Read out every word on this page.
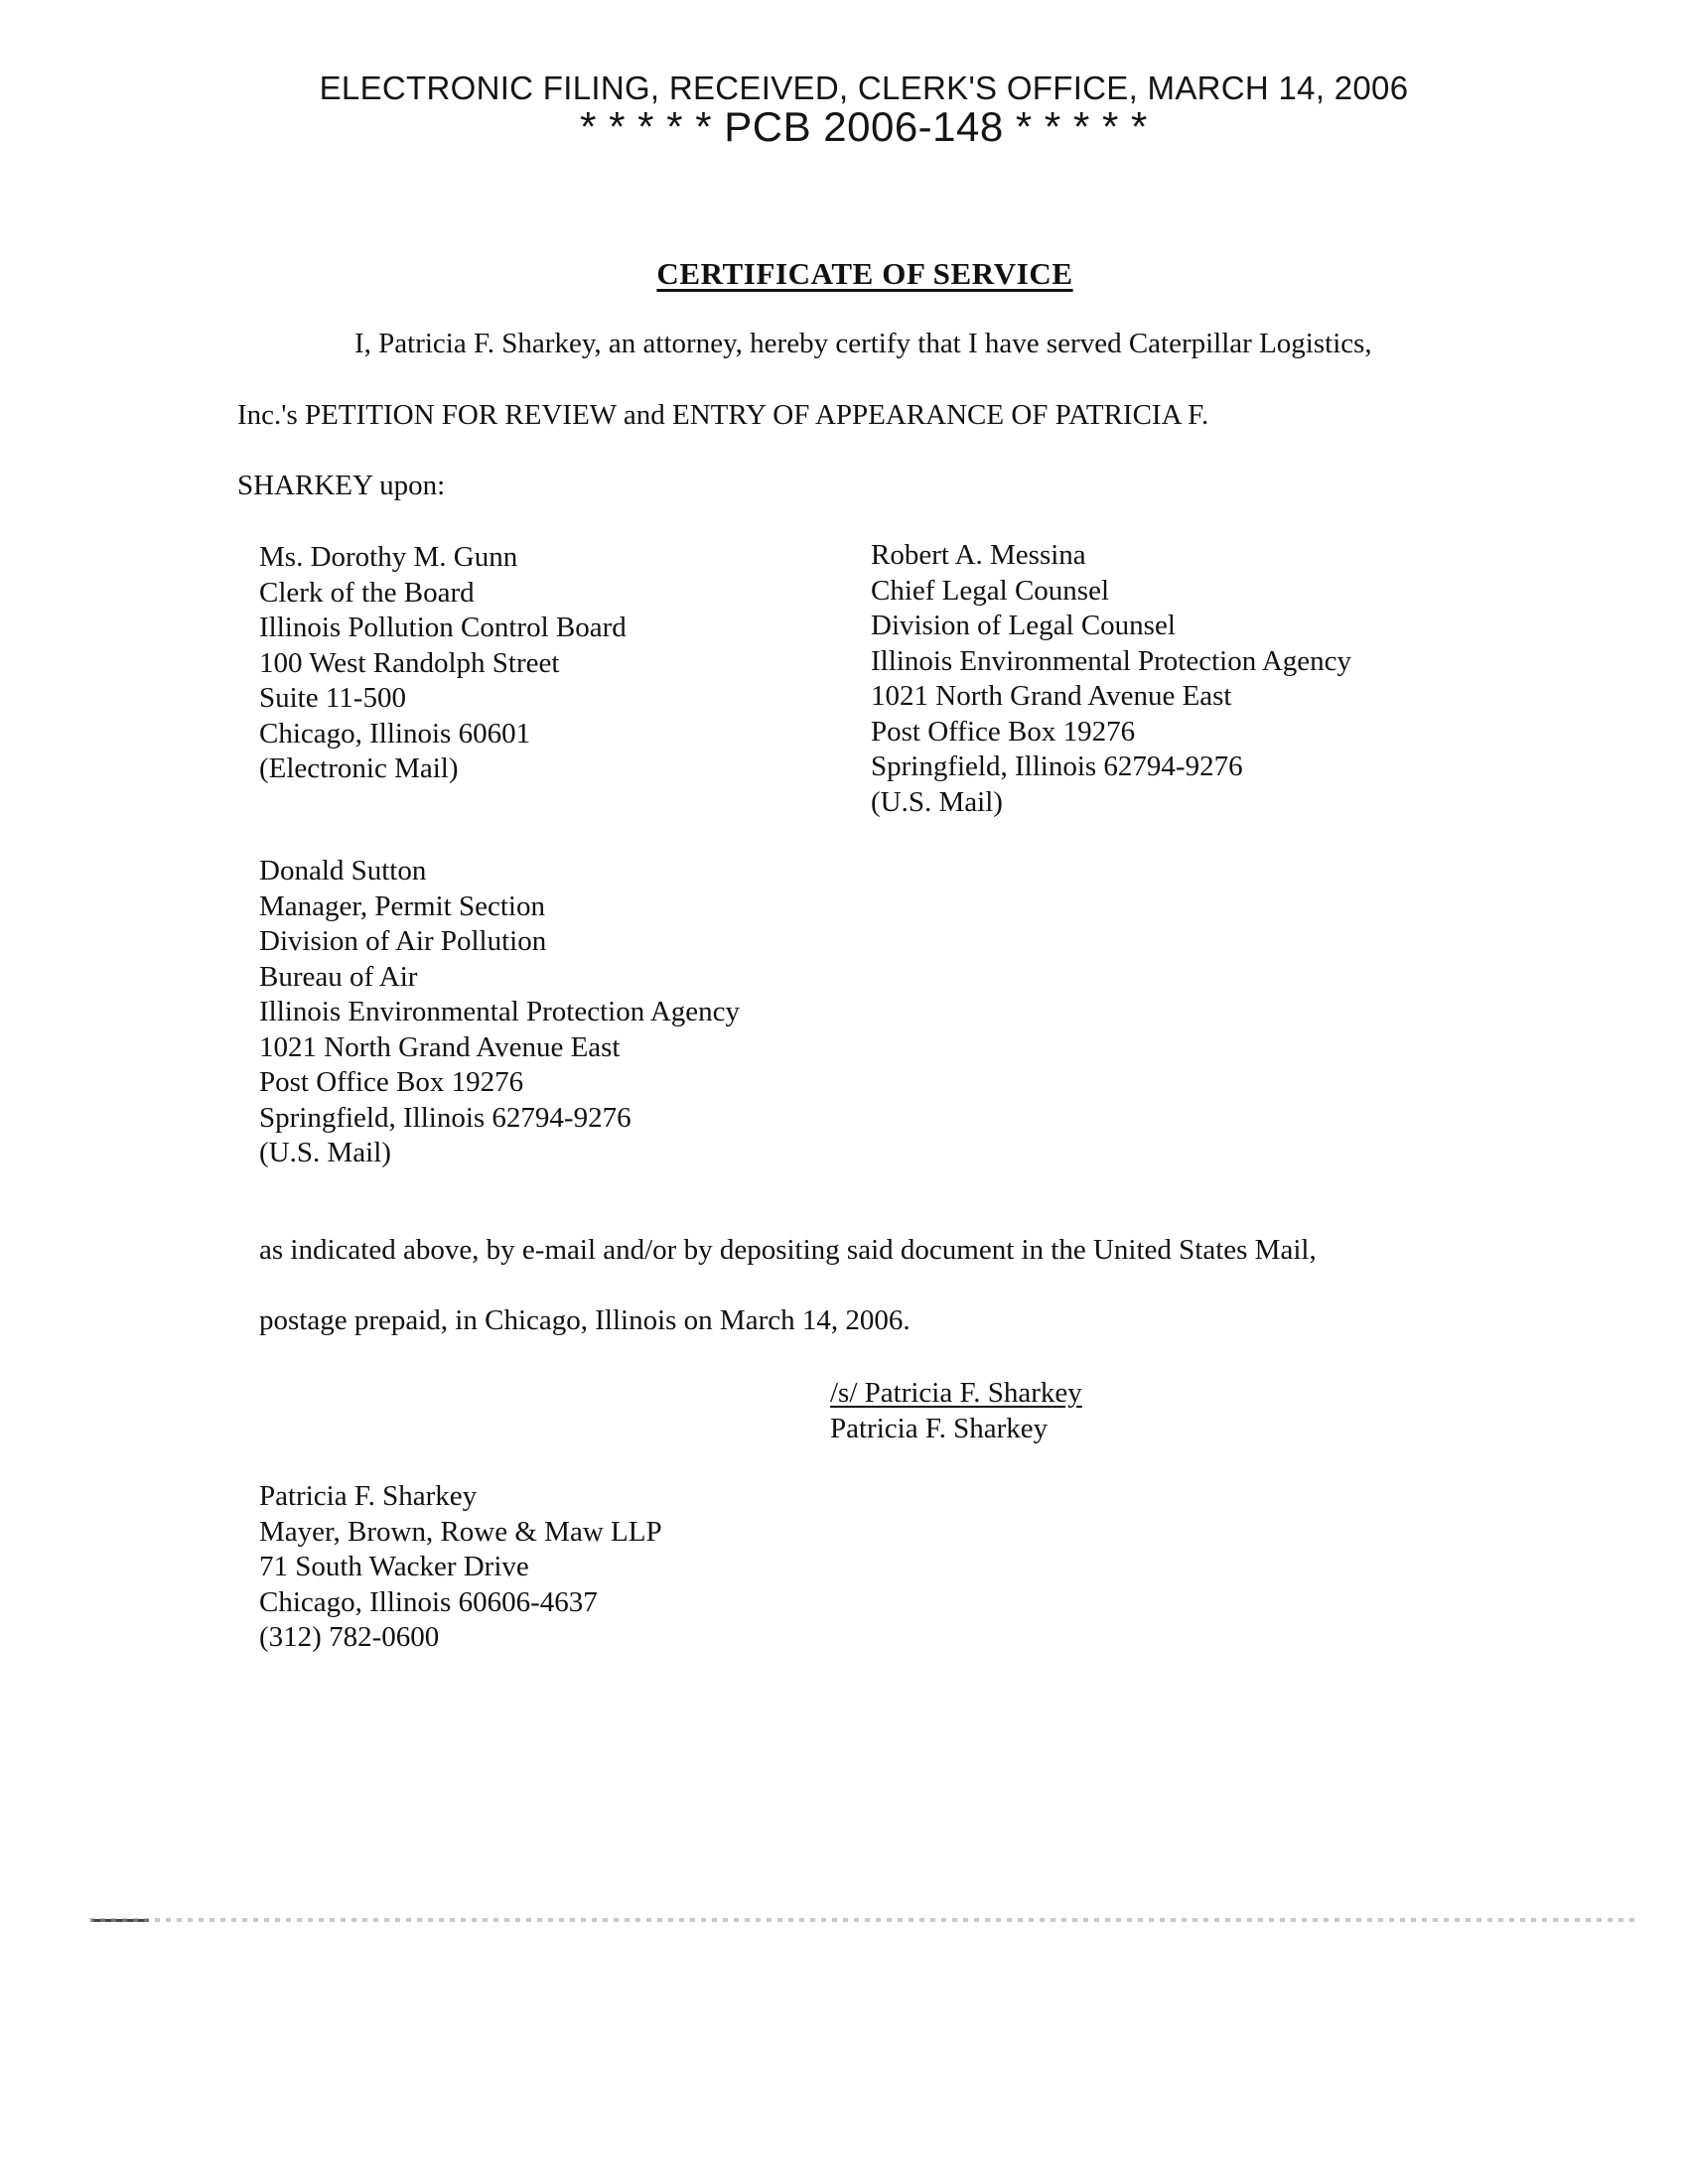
ELECTRONIC FILING, RECEIVED, CLERK'S OFFICE, MARCH 14, 2006
* * * * * PCB 2006-148 * * * * *
CERTIFICATE OF SERVICE
I, Patricia F. Sharkey, an attorney, hereby certify that I have served Caterpillar Logistics,
Inc.'s PETITION FOR REVIEW and ENTRY OF APPEARANCE OF PATRICIA F.
SHARKEY upon:
Ms. Dorothy M. Gunn
Clerk of the Board
Illinois Pollution Control Board
100 West Randolph Street
Suite 11-500
Chicago, Illinois 60601
(Electronic Mail)
Robert A. Messina
Chief Legal Counsel
Division of Legal Counsel
Illinois Environmental Protection Agency
1021 North Grand Avenue East
Post Office Box 19276
Springfield, Illinois 62794-9276
(U.S. Mail)
Donald Sutton
Manager, Permit Section
Division of Air Pollution
Bureau of Air
Illinois Environmental Protection Agency
1021 North Grand Avenue East
Post Office Box 19276
Springfield, Illinois 62794-9276
(U.S. Mail)
as indicated above, by e-mail and/or by depositing said document in the United States Mail,
postage prepaid, in Chicago, Illinois on March 14, 2006.
/s/ Patricia F. Sharkey
Patricia F. Sharkey
Patricia F. Sharkey
Mayer, Brown, Rowe & Maw LLP
71 South Wacker Drive
Chicago, Illinois 60606-4637
(312) 782-0600
